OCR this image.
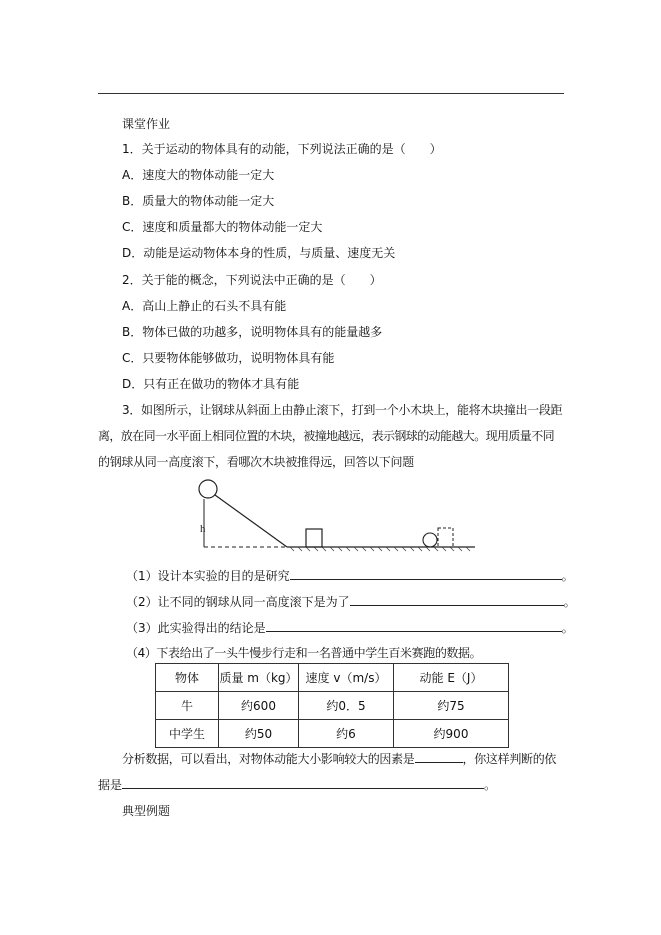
课堂作业
1．关于运动的物体具有的动能，下列说法正确的是（　　）
A．速度大的物体动能一定大
B．质量大的物体动能一定大
C．速度和质量都大的物体动能一定大
D．动能是运动物体本身的性质，与质量、速度无关
2．关于能的概念，下列说法中正确的是（　　）
A．高山上静止的石头不具有能
B．物体已做的功越多，说明物体具有的能量越多
C．只要物体能够做功，说明物体具有能
D．只有正在做功的物体才具有能
3．如图所示，让钢球从斜面上由静止滚下，打到一个小木块上，能将木块撞出一段距
离，放在同一水平面上相同位置的木块，被撞地越远，表示钢球的动能越大。现用质量不同
的钢球从同一高度滚下，看哪次木块被推得远，回答以下问题
h
（1）设计本实验的目的是研究	。
（2）让不同的钢球从同一高度滚下是为了	。
（3）此实验得出的结论是	。
（4）下表给出了一头牛慢步行走和一名普通中学生百米赛跑的数据。
物体	质量 m（kg）	速度 v（m/s）	动能 E（J）
牛	约600	约0．5	约75
中学生	约50	约6	约900
分析数据，可以看出，对物体动能大小影响较大的因素是	，你这样判断的依
据是	。
典型例题
